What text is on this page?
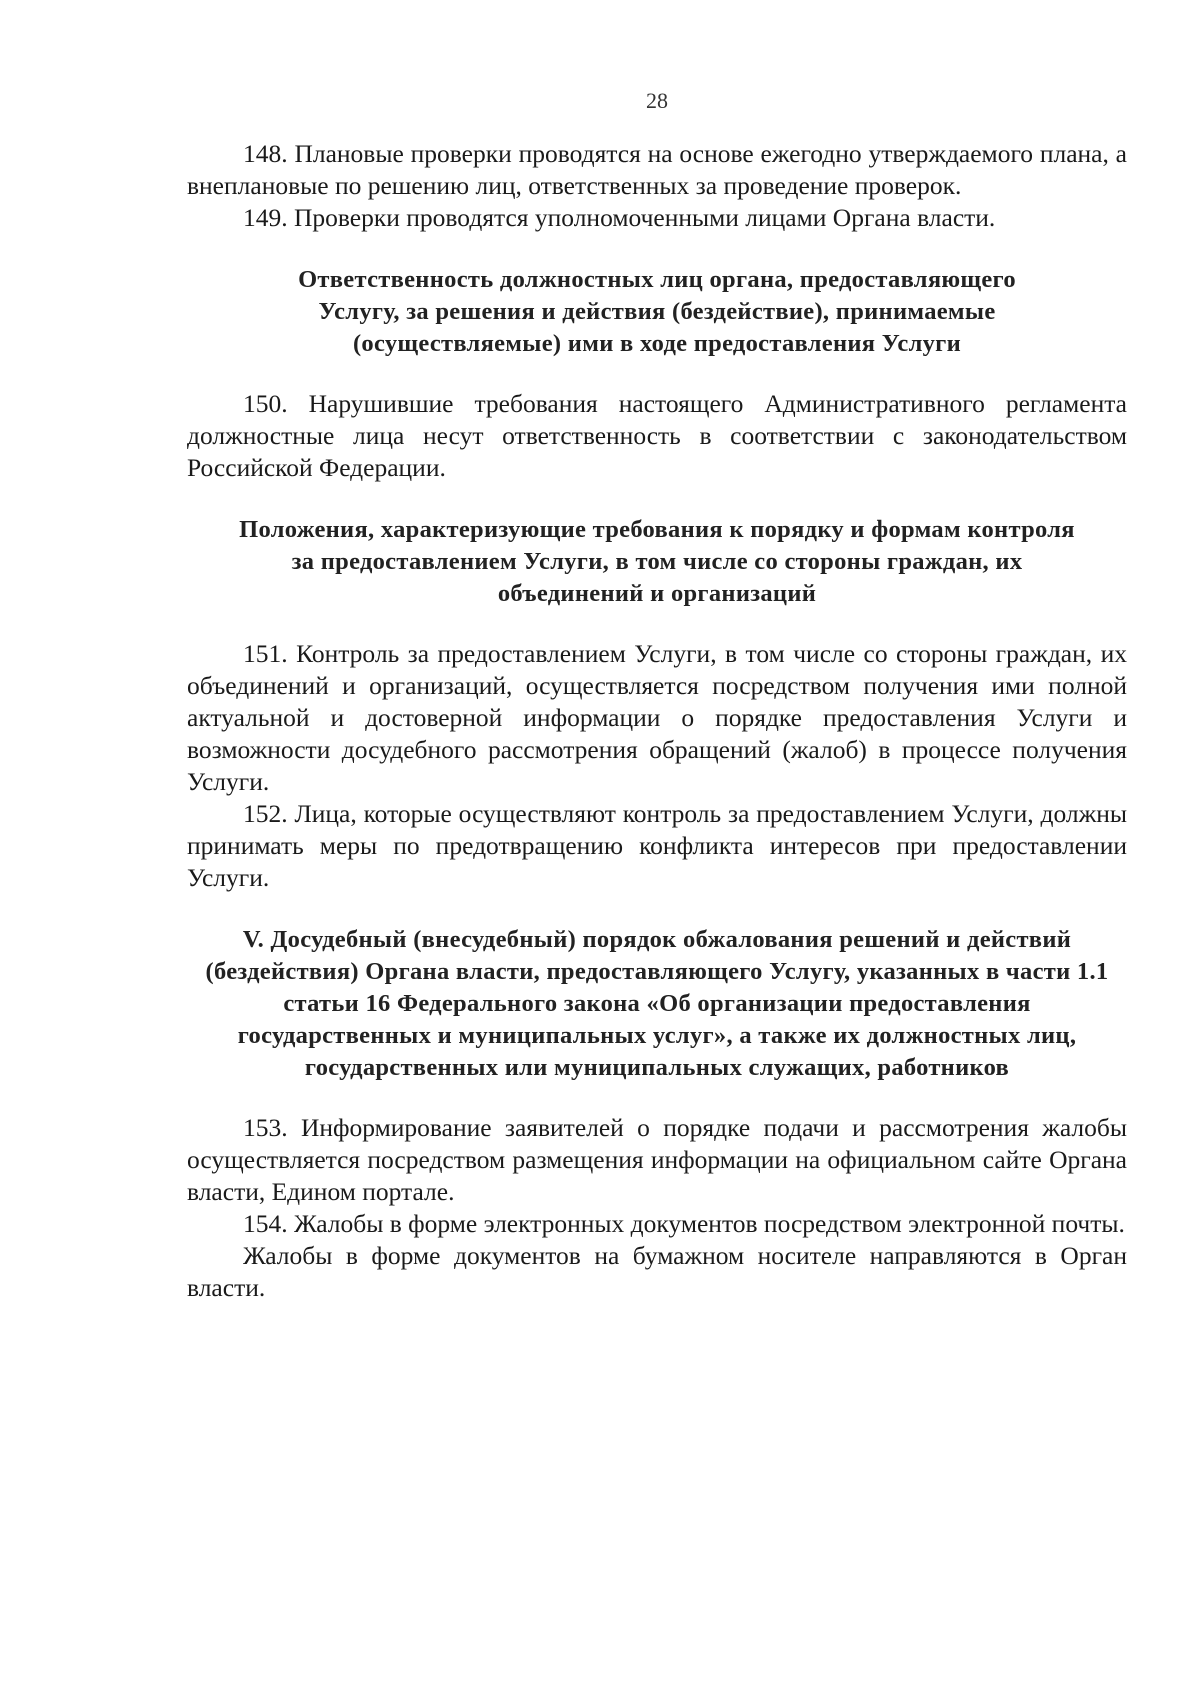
28

148. Плановые проверки проводятся на основе ежегодно утверждаемого плана, а внеплановые по решению лиц, ответственных за проведение проверок.

149. Проверки проводятся уполномоченными лицами Органа власти.

Ответственность должностных лиц органа, предоставляющего Услугу, за решения и действия (бездействие), принимаемые (осуществляемые) ими в ходе предоставления Услуги

150. Нарушившие требования настоящего Административного регламента должностные лица несут ответственность в соответствии с законодательством Российской Федерации.

Положения, характеризующие требования к порядку и формам контроля за предоставлением Услуги, в том числе со стороны граждан, их объединений и организаций

151. Контроль за предоставлением Услуги, в том числе со стороны граждан, их объединений и организаций, осуществляется посредством получения ими полной актуальной и достоверной информации о порядке предоставления Услуги и возможности досудебного рассмотрения обращений (жалоб) в процессе получения Услуги.

152. Лица, которые осуществляют контроль за предоставлением Услуги, должны принимать меры по предотвращению конфликта интересов при предоставлении Услуги.

V. Досудебный (внесудебный) порядок обжалования решений и действий (бездействия) Органа власти, предоставляющего Услугу, указанных в части 1.1 статьи 16 Федерального закона «Об организации предоставления государственных и муниципальных услуг», а также их должностных лиц, государственных или муниципальных служащих, работников

153. Информирование заявителей о порядке подачи и рассмотрения жалобы осуществляется посредством размещения информации на официальном сайте Органа власти, Едином портале.

154. Жалобы в форме электронных документов посредством электронной почты.

Жалобы в форме документов на бумажном носителе направляются в Орган власти.
